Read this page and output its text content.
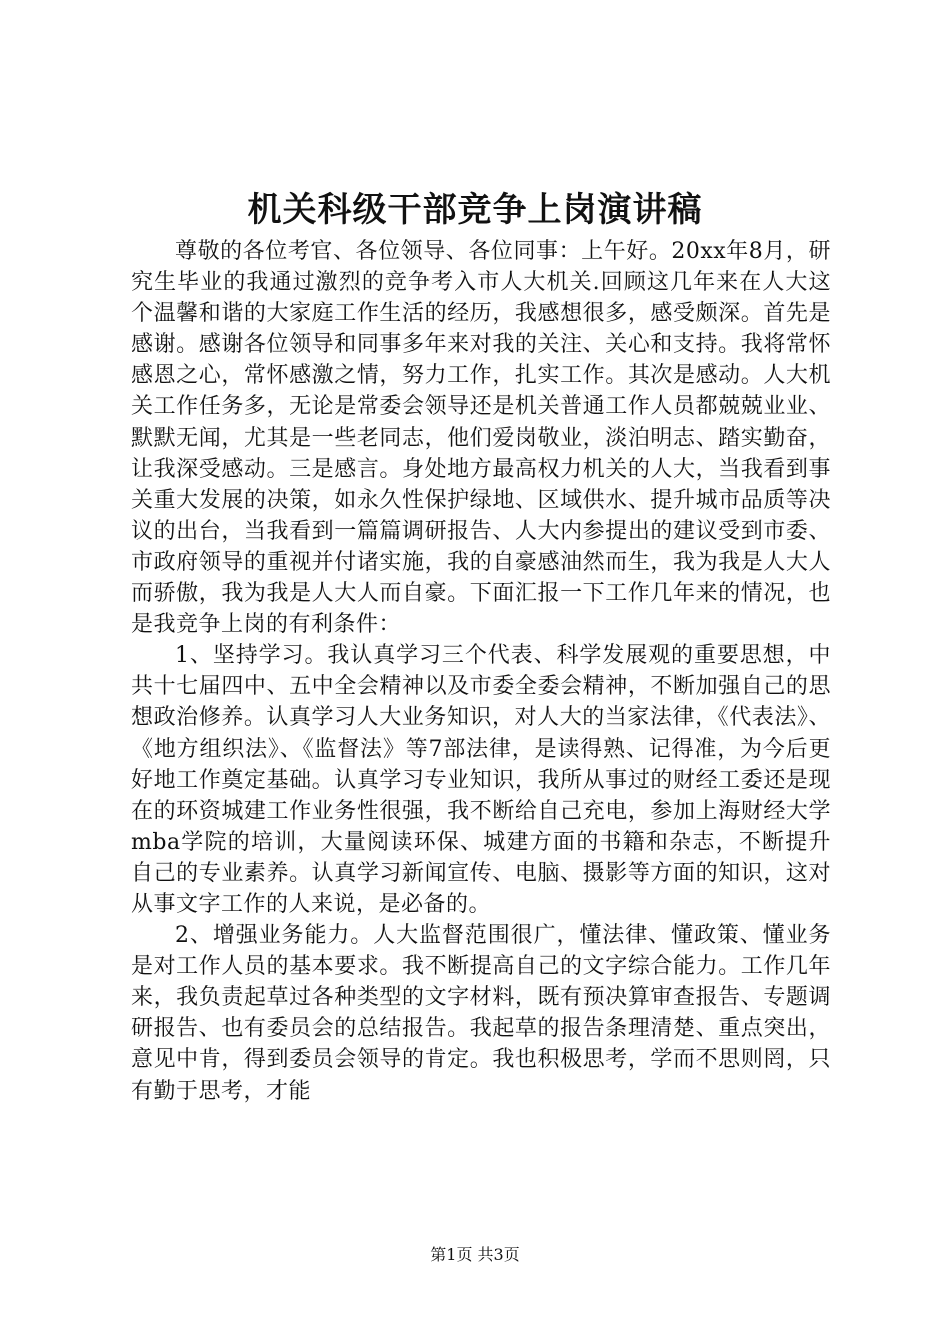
机关科级干部竞争上岗演讲稿

尊敬的各位考官、各位领导、各位同事：上午好。20xx年8月，研究生毕业的我通过激烈的竞争考入市人大机关.回顾这几年来在人大这个温馨和谐的大家庭工作生活的经历，我感想很多，感受颇深。首先是感谢。感谢各位领导和同事多年来对我的关注、关心和支持。我将常怀感恩之心，常怀感激之情，努力工作，扎实工作。其次是感动。人大机关工作任务多，无论是常委会领导还是机关普通工作人员都兢兢业业、默默无闻，尤其是一些老同志，他们爱岗敬业，淡泊明志、踏实勤奋，让我深受感动。三是感言。身处地方最高权力机关的人大，当我看到事关重大发展的决策，如永久性保护绿地、区域供水、提升城市品质等决议的出台，当我看到一篇篇调研报告、人大内参提出的建议受到市委、市政府领导的重视并付诸实施，我的自豪感油然而生，我为我是人大人而骄傲，我为我是人大人而自豪。下面汇报一下工作几年来的情况，也是我竞争上岗的有利条件：

1、坚持学习。我认真学习三个代表、科学发展观的重要思想，中共十七届四中、五中全会精神以及市委全委会精神，不断加强自己的思想政治修养。认真学习人大业务知识，对人大的当家法律，《代表法》、《地方组织法》、《监督法》等7部法律，是读得熟、记得准，为今后更好地工作奠定基础。认真学习专业知识，我所从事过的财经工委还是现在的环资城建工作业务性很强，我不断给自己充电，参加上海财经大学mba学院的培训，大量阅读环保、城建方面的书籍和杂志，不断提升自己的专业素养。认真学习新闻宣传、电脑、摄影等方面的知识，这对从事文字工作的人来说，是必备的。

2、增强业务能力。人大监督范围很广，懂法律、懂政策、懂业务是对工作人员的基本要求。我不断提高自己的文字综合能力。工作几年来，我负责起草过各种类型的文字材料，既有预决算审查报告、专题调研报告、也有委员会的总结报告。我起草的报告条理清楚、重点突出，意见中肯，得到委员会领导的肯定。我也积极思考，学而不思则罔，只有勤于思考，才能

第1页 共3页
